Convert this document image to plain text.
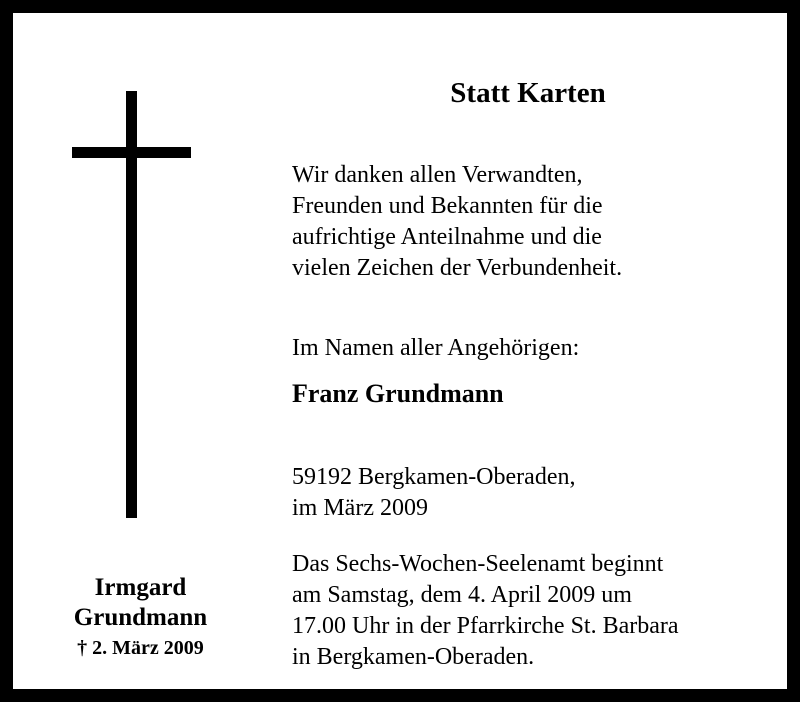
Statt Karten
Wir danken allen Verwandten,
Freunden und Bekannten für die
aufrichtige Anteilnahme und die
vielen Zeichen der Verbundenheit.
Im Namen aller Angehörigen:
Franz Grundmann
59192 Bergkamen-Oberaden,
im März 2009
Das Sechs-Wochen-Seelenamt beginnt
am Samstag, dem 4. April 2009 um
17.00 Uhr in der Pfarrkirche St. Barbara
in Bergkamen-Oberaden.
Irmgard
Grundmann
† 2. März 2009
